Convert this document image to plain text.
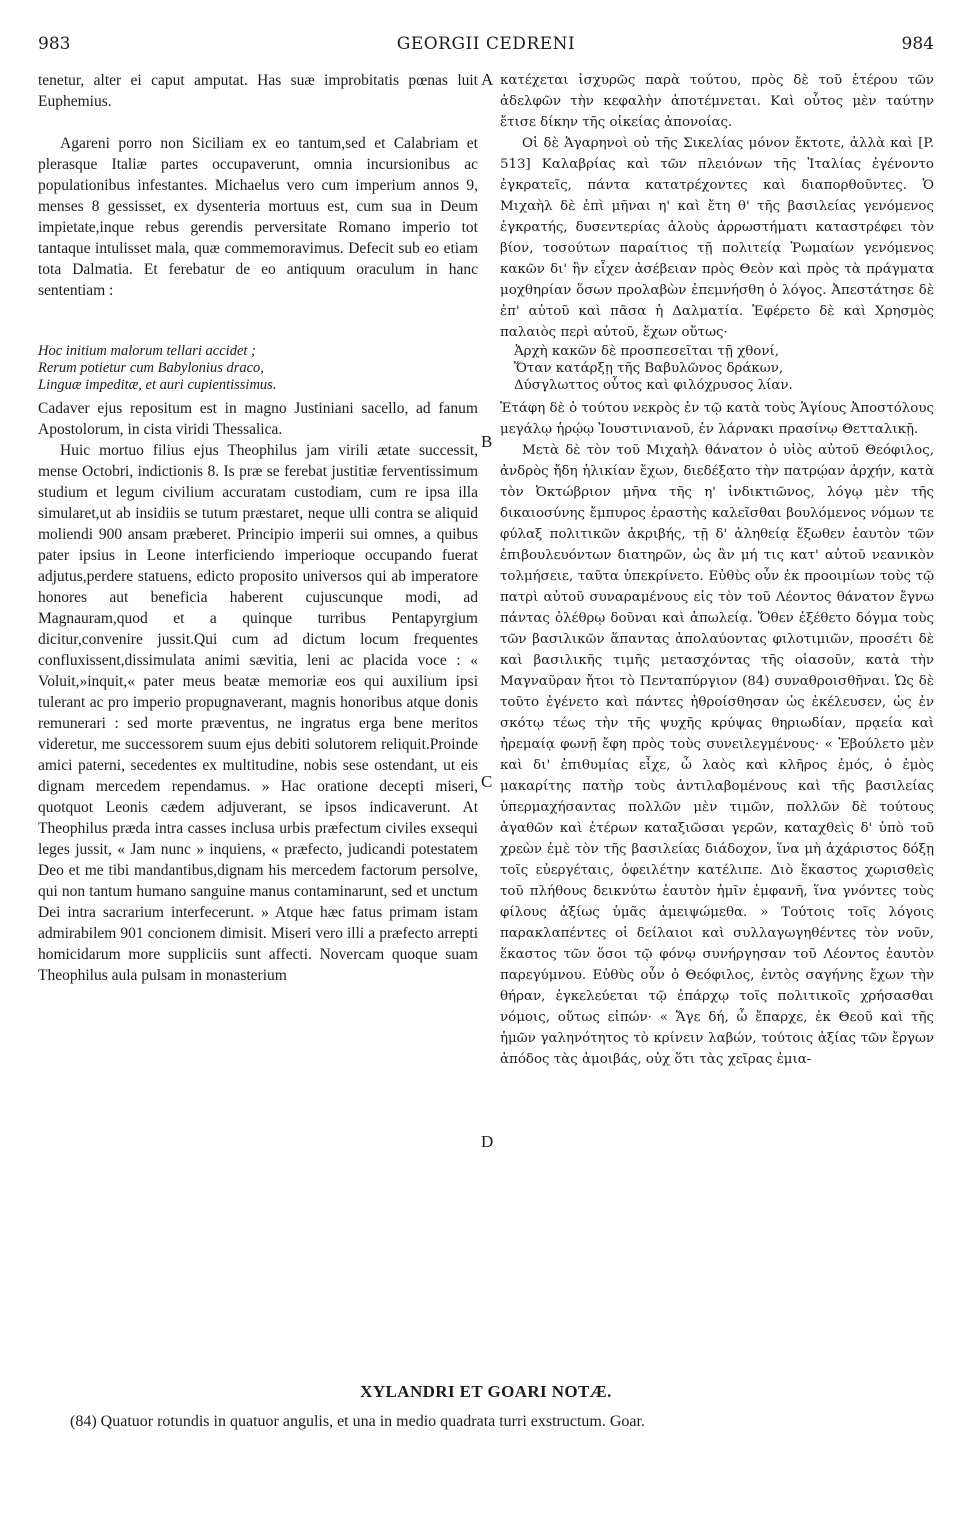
983	GEORGII CEDRENI	984

tenetur, alter ei caput amputat. Has suæ improbitatis pœnas luit Euphemius.

Agareni porro non Siciliam ex eo tantum,sed et Calabriam et plerasque Italiæ partes occupaverunt, omnia incursionibus ac populationibus infestantes. Michaelus vero cum imperium annos 9, menses 8 gessisset, ex dysenteria mortuus est, cum sua in Deum impietate,inque rebus gerendis perversitate Romano imperio tot tantaque intulisset mala, quæ commemoravimus. Defecit sub eo etiam tota Dalmatia. Et ferebatur de eo antiquum oraculum in hanc sententiam :

Hoc initium malorum tellari accidet ;
Rerum potietur cum Babylonius draco,
Linguæ impeditæ, et auri cupientissimus.

Cadaver ejus repositum est in magno Justiniani sacello, ad fanum Apostolorum, in cista viridi Thessalica.

Huic mortuo filius ejus Theophilus jam virili ætate successit, mense Octobri, indictionis 8. Is præ se ferebat justitiæ ferventissimum studium et legum civilium accuratam custodiam, cum re ipsa illa simularet,ut ab insidiis se tutum præstaret, neque ulli contra se aliquid moliendi 900 ansam præberet. Principio imperii sui omnes, a quibus pater ipsius in Leone interficiendo imperioque occupando fuerat adjutus,perdere statuens, edicto proposito universos qui ab imperatore honores aut beneficia haberent cujuscunque modi, ad Magnauram,quod et a quinque turribus Pentapyrgium dicitur,convenire jussit.Qui cum ad dictum locum frequentes confluxissent,dissimulata animi sævitia, leni ac placida voce : « Voluit,»inquit,« pater meus beatæ memoriæ eos qui auxilium ipsi tulerant ac pro imperio propugnaverant, magnis honoribus atque donis remunerari : sed morte præventus, ne ingratus erga bene meritos videretur, me successorem suum ejus debiti solutorem reliquit.Proinde amici paterni, secedentes ex multitudine, nobis sese ostendant, ut eis dignam mercedem rependamus. » Hac oratione decepti miseri, quotquot Leonis cædem adjuverant, se ipsos indicaverunt. At Theophilus præda intra casses inclusa urbis præfectum civiles exsequi leges jussit, « Jam nunc » inquiens, « præfecto, judicandi potestatem Deo et me tibi mandantibus,dignam his mercedem factorum persolve, qui non tantum humano sanguine manus contaminarunt, sed et unctum Dei intra sacrarium interfecerunt. » Atque hæc fatus primam istam admirabilem 901 concionem dimisit. Miseri vero illi a præfecto arrepti homicidarum more suppliciis sunt affecti. Novercam quoque suam Theophilus aula pulsam in monasterium

κατέχεται ἰσχυρῶς παρὰ τούτου, πρὸς δὲ τοῦ ἑτέρου τῶν ἀδελφῶν τὴν κεφαλὴν ἀποτέμνεται. Καὶ οὗτος μὲν ταύτην ἔτισε δίκην τῆς οἰκείας ἀπονοίας.

Οἱ δὲ Ἀγαρηνοὶ οὐ τῆς Σικελίας μόνον ἔκτοτε, ἀλλὰ καὶ [P. 513] Καλαβρίας καὶ τῶν πλειόνων τῆς Ἰταλίας ἐγένοντο ἐγκρατεῖς, πάντα κατατρέχοντες καὶ διαπορθοῦντες. Ὁ Μιχαὴλ δὲ ἐπὶ μῆναι η' καὶ ἔτη θ' τῆς βασιλείας γενόμενος ἐγκρατής, δυσεντερίας ἁλοὺς ἀρρωστήματι καταστρέφει τὸν βίον, τοσούτων παραίτιος τῇ πολιτείᾳ Ῥωμαίων γενόμενος κακῶν δι' ἣν εἶχεν ἀσέβειαν πρὸς Θεὸν καὶ πρὸς τὰ πράγματα μοχθηρίαν ὅσων προλαβὼν ἐπεμνήσθη ὁ λόγος. Ἀπεστάτησε δὲ ἐπ' αὐτοῦ καὶ πᾶσα ἡ Δαλματία. Ἐφέρετο δὲ καὶ Χρησμὸς παλαιὸς περὶ αὐτοῦ, ἔχων οὕτως·

Ἀρχὴ κακῶν δὲ προσπεσεῖται τῇ χθονί,
Ὅταν κατάρξῃ τῆς Βαβυλῶνος δράκων,
Δύσγλωττος οὗτος καὶ φιλόχρυσος λίαν.

Ἐτάφη δὲ ὁ τούτου νεκρὸς ἐν τῷ κατὰ τοὺς Ἁγίους Ἀποστόλους μεγάλῳ ἡρῴῳ Ἰουστινιανοῦ, ἐν λάρνακι πρασίνῳ Θετταλικῇ.

Μετὰ δὲ τὸν τοῦ Μιχαὴλ θάνατον ὁ υἱὸς αὐτοῦ Θεόφιλος, ἀνδρὸς ἤδη ἡλικίαν ἔχων, διεδέξατο τὴν πατρῴαν ἀρχήν, κατὰ τὸν Ὀκτώβριον μῆνα τῆς η' ἰνδικτιῶνος, λόγῳ μὲν τῆς δικαιοσύνης ἔμπυρος ἐραστὴς καλεῖσθαι βουλόμενος νόμων τε φύλαξ πολιτικῶν ἀκριβής, τῇ δ' ἀληθείᾳ ἔξωθεν ἑαυτὸν τῶν ἐπιβουλευόντων διατηρῶν, ὡς ἂν μή τις κατ' αὐτοῦ νεανικὸν τολμήσειε, ταῦτα ὑπεκρίνετο. Εὐθὺς οὖν ἐκ προοιμίων τοὺς τῷ πατρὶ αὐτοῦ συναραμένους εἰς τὸν τοῦ Λέοντος θάνατον ἔγνω πάντας ὀλέθρῳ δοῦναι καὶ ἀπωλείᾳ. Ὅθεν ἐξέθετο δόγμα τοὺς τῶν βασιλικῶν ἅπαντας ἀπολαύοντας φιλοτιμιῶν, προσέτι δὲ καὶ βασιλικῆς τιμῆς μετασχόντας τῆς οἱασοῦν, κατὰ τὴν Μαγναῦραν ἤτοι τὸ Πενταπύργιον (84) συναθροισθῆναι. Ὡς δὲ τοῦτο ἐγένετο καὶ πάντες ἠθροίσθησαν ὡς ἐκέλευσεν, ὡς ἐν σκότῳ τέως τὴν τῆς ψυχῆς κρύψας θηριωδίαν, πρᾳεία καὶ ἠρεμαίᾳ φωνῇ ἔφη πρὸς τοὺς συνειλεγμένους· « Ἐβούλετο μὲν καὶ δι' ἐπιθυμίας εἶχε, ὦ λαὸς καὶ κλῆρος ἐμός, ὁ ἐμὸς μακαρίτης πατὴρ τοὺς ἀντιλαβομένους καὶ τῆς βασιλείας ὑπερμαχήσαντας πολλῶν μὲν τιμῶν, πολλῶν δὲ τούτους ἀγαθῶν καὶ ἑτέρων καταξιῶσαι γερῶν, καταχθεὶς δ' ὑπὸ τοῦ χρεὼν ἐμὲ τὸν τῆς βασιλείας διάδοχον, ἵνα μὴ ἀχάριστος δόξῃ τοῖς εὐεργέταις, ὀφειλέτην κατέλιπε. Διὸ ἕκαστος χωρισθεὶς τοῦ πλήθους δεικνύτω ἑαυτὸν ἡμῖν ἐμφανῆ, ἵνα γνόντες τοὺς φίλους ἀξίως ὑμᾶς ἀμειψώμεθα. » Τούτοις τοῖς λόγοις παρακλαπέντες οἱ δείλαιοι καὶ συλλαγωγηθέντες τὸν νοῦν, ἕκαστος τῶν ὅσοι τῷ φόνῳ συνήργησαν τοῦ Λέοντος ἑαυτὸν παρεγύμνου. Εὐθὺς οὖν ὁ Θεόφιλος, ἐντὸς σαγήνης ἔχων τὴν θήραν, ἐγκελεύεται τῷ ἐπάρχῳ τοῖς πολιτικοῖς χρήσασθαι νόμοις, οὕτως εἰπών· « Ἄγε δή, ὦ ἔπαρχε, ἐκ Θεοῦ καὶ τῆς ἡμῶν γαληνότητος τὸ κρίνειν λαβών, τούτοις ἀξίας τῶν ἔργων ἀπόδος τὰς ἀμοιβάς, οὐχ ὅτι τὰς χεῖρας ἐμια-

A
B
C
D
XYLANDRI ET GOARI NOTÆ.
(84) Quatuor rotundis in quatuor angulis, et una in medio quadrata turri exstructum. Goar.
